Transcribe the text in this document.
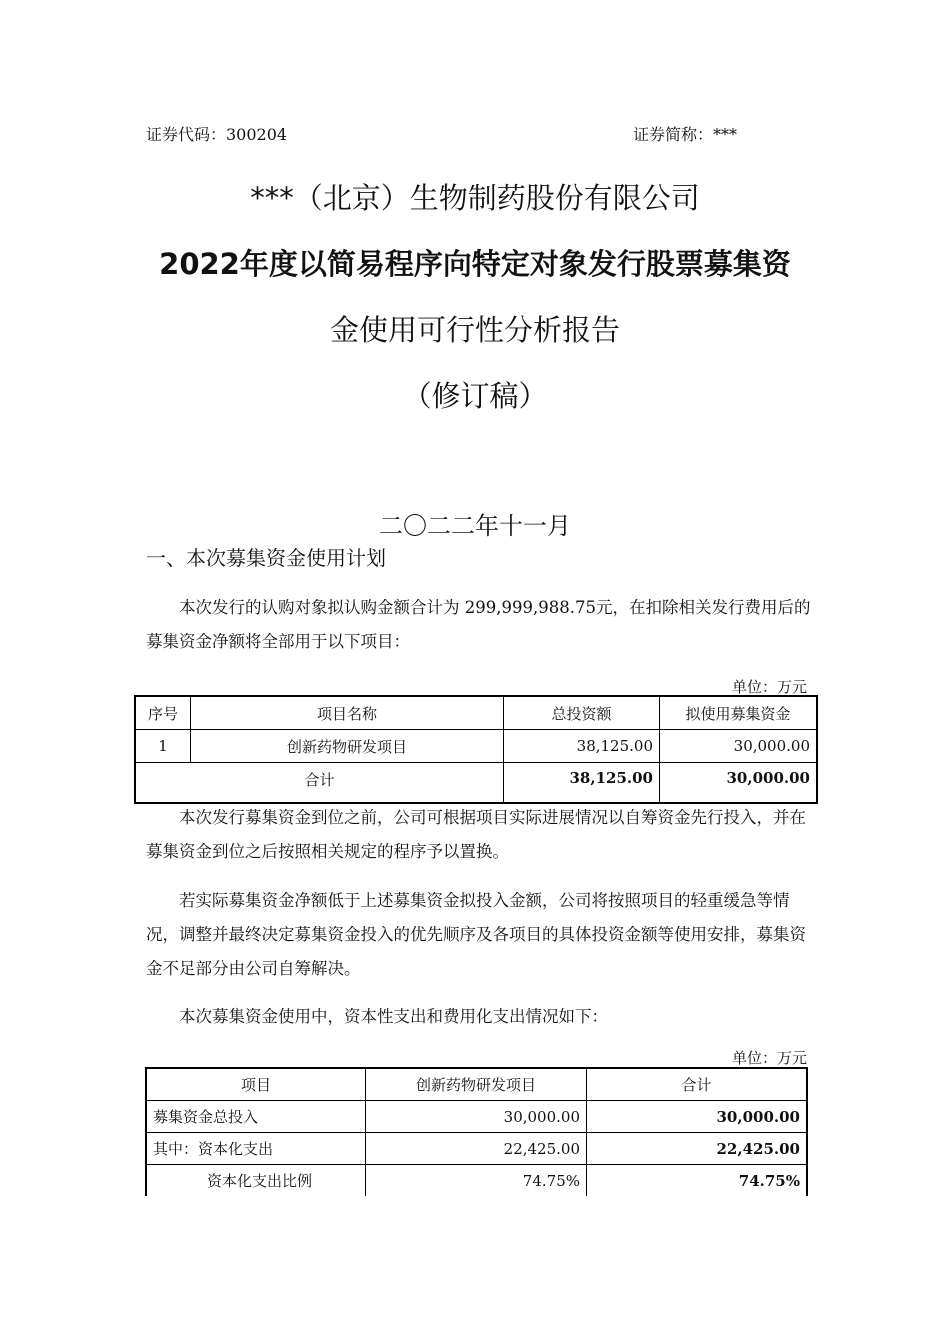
证券代码：300204	证券简称：***
***（北京）生物制药股份有限公司
2022年度以简易程序向特定对象发行股票募集资
金使用可行性分析报告
（修订稿）
二〇二二年十一月
一、本次募集资金使用计划

本次发行的认购对象拟认购金额合计为 299,999,988.75元，在扣除相关发行费用后的募集资金净额将全部用于以下项目：

单位：万元
序号	项目名称	总投资额	拟使用募集资金
1	创新药物研发项目	38,125.00	30,000.00
合计		38,125.00	30,000.00

本次发行募集资金到位之前，公司可根据项目实际进展情况以自筹资金先行投入，并在募集资金到位之后按照相关规定的程序予以置换。

若实际募集资金净额低于上述募集资金拟投入金额，公司将按照项目的轻重缓急等情况，调整并最终决定募集资金投入的优先顺序及各项目的具体投资金额等使用安排，募集资金不足部分由公司自筹解决。

本次募集资金使用中，资本性支出和费用化支出情况如下：

单位：万元
项目	创新药物研发项目	合计
募集资金总投入	30,000.00	30,000.00
其中：资本化支出	22,425.00	22,425.00
资本化支出比例	74.75%	74.75%
